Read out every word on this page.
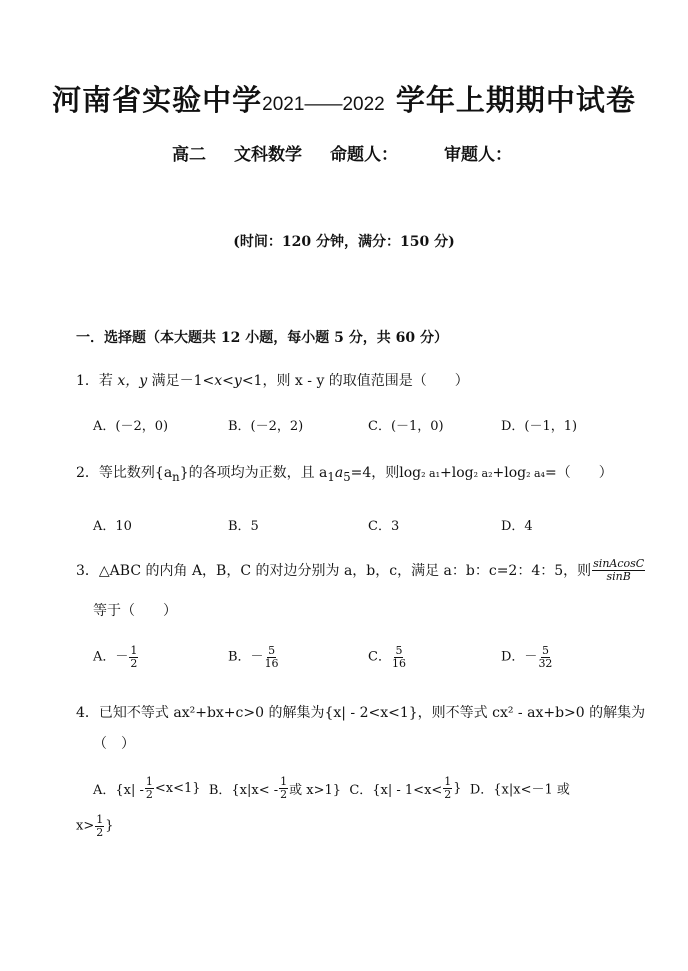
河南省实验中学2021——2022 学年上期期中试卷
高二 文科数学 命题人：	审题人：
(时间：120 分钟，满分：150 分)
一．选择题（本大题共 12 小题，每小题 5 分，共 60 分）
1．若 x，y 满足－1<x<y<1，则 x - y 的取值范围是（　　）
A．(－2，0)	B．(－2，2)	C．(－1，0)	D．(－1，1)
2．等比数列$\{a_n\}$的各项均为正数，且 $a_1a_5=4$，则log₂ a₁+log₂ a₂+log₂ a₄=（　　）
A．10	B．5	C．3	D．4
3．△ABC 的内角 A，B，C 的对边分别为 a，b，c，满足 a：b：c=2：4：5，则 $\frac{\text{sinAcosC}}{\sin B}$
等于（　　）
A．－ $\frac{1}{2}$	B．－ $\frac{5}{16}$	C． $\frac{5}{16}$	D．－ $\frac{5}{32}$
4．已知不等式 ax²+bx+c>0 的解集为{x| - 2<x<1}，则不等式 cx² - ax+b>0 的解集为
（　）
A．$\{x| - \frac{1}{2} <x<1\}$ B．{$x|x< - \frac{1}{2}$ 或 x>1} C．{$x| - 1<x< \frac{1}{2}$ } D．{x|x<－1 或
$x> \frac{1}{2}$ }
